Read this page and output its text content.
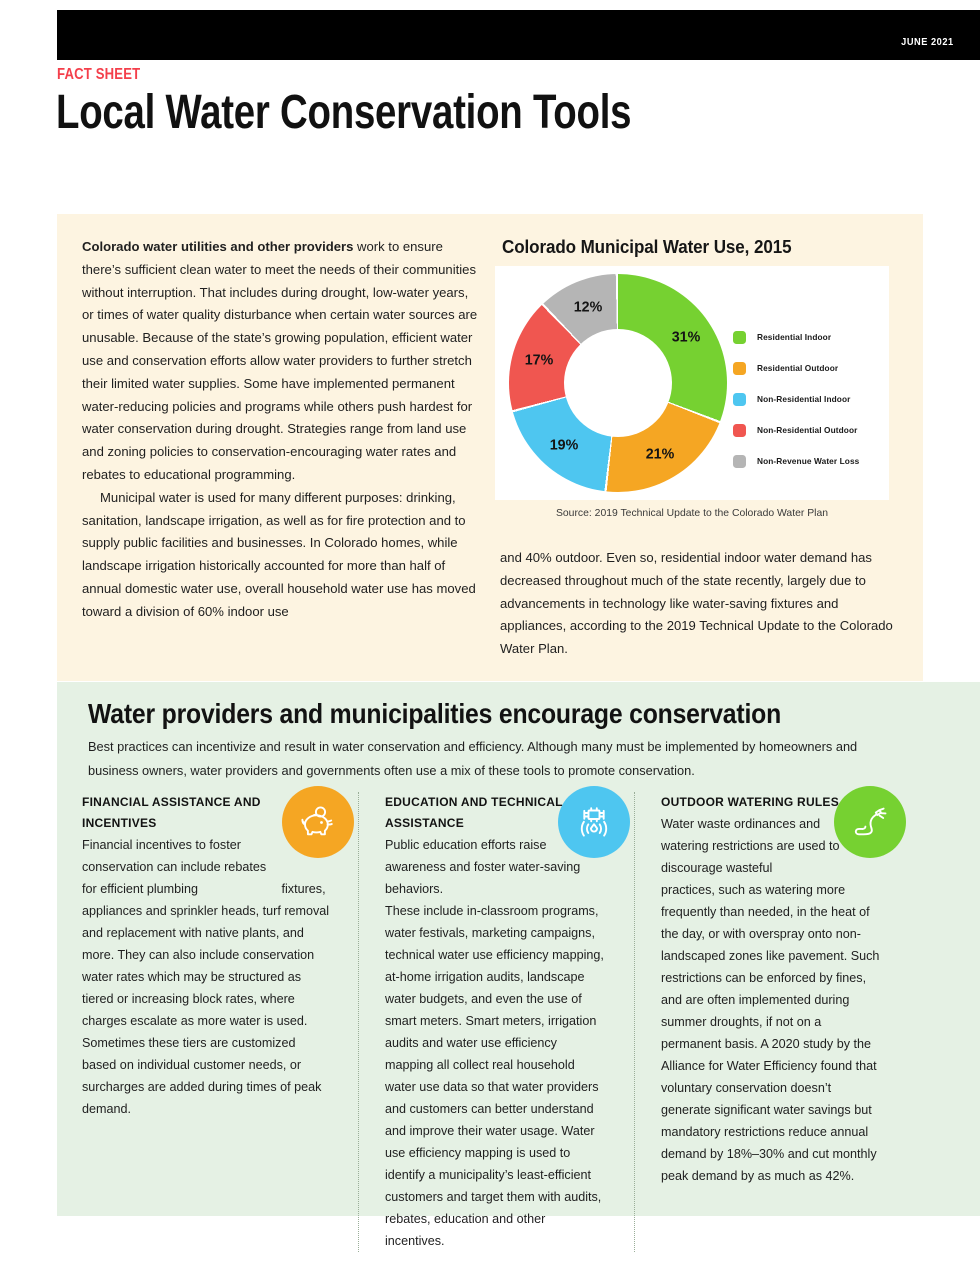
JUNE 2021
FACT SHEET
Local Water Conservation Tools

Colorado water utilities and other providers work to ensure there’s sufficient clean water to meet the needs of their communities without interruption. That includes during drought, low-water years, or times of water quality disturbance when certain water sources are unusable. Because of the state’s growing population, efficient water use and conservation efforts allow water providers to further stretch their limited water supplies. Some have implemented permanent water-reducing policies and programs while others push hardest for water conservation during drought. Strategies range from land use and zoning policies to conservation-encouraging water rates and rebates to educational programming.

Municipal water is used for many different purposes: drinking, sanitation, landscape irrigation, as well as for fire protection and to supply public facilities and businesses. In Colorado homes, while landscape irrigation historically accounted for more than half of annual domestic water use, overall household water use has moved toward a division of 60% indoor use

and 40% outdoor. Even so, residential indoor water demand has decreased throughout much of the state recently, largely due to advancements in technology like water-saving fixtures and appliances, according to the 2019 Technical Update to the Colorado Water Plan.
Colorado Municipal Water Use, 2015
31%
21%
19%
17%
12%
Residential Indoor
Residential Outdoor
Non-Residential Indoor
Non-Residential Outdoor
Non-Revenue Water Loss
Source: 2019 Technical Update to the Colorado Water Plan
Water providers and municipalities encourage conservation
Best practices can incentivize and result in water conservation and efficiency. Although many must be implemented by homeowners and business owners, water providers and governments often use a mix of these tools to promote conservation.
FINANCIAL ASSISTANCE AND INCENTIVES
Financial incentives to foster conservation can include rebates for efficient plumbing	fixtures, appliances and sprinkler heads, turf removal and replacement with native plants, and more. They can also include conservation water rates which may be structured as tiered or increasing block rates, where charges escalate as more water is used. Sometimes these tiers are customized based on individual customer needs, or surcharges are added during times of peak demand.
EDUCATION AND TECHNICAL ASSISTANCE
Public education efforts raise awareness and foster water-saving behaviors. These include in-classroom programs, water festivals, marketing campaigns, technical water use efficiency mapping, at-home irrigation audits, landscape water budgets, and even the use of smart meters. Smart meters, irrigation audits and water use efficiency mapping all collect real household water use data so that water providers and customers can better understand and improve their water usage. Water use efficiency mapping is used to identify a municipality’s least-efficient customers and target them with audits, rebates, education and other incentives.
OUTDOOR WATERING RULES
Water waste ordinances and watering restrictions are used to discourage wasteful practices, such as watering more frequently than needed, in the heat of the day, or with overspray onto non-landscaped zones like pavement. Such restrictions can be enforced by fines, and are often implemented during summer droughts, if not on a permanent basis. A 2020 study by the Alliance for Water Efficiency found that voluntary conservation doesn’t generate significant water savings but mandatory restrictions reduce annual demand by 18%–30% and cut monthly peak demand by as much as 42%.
